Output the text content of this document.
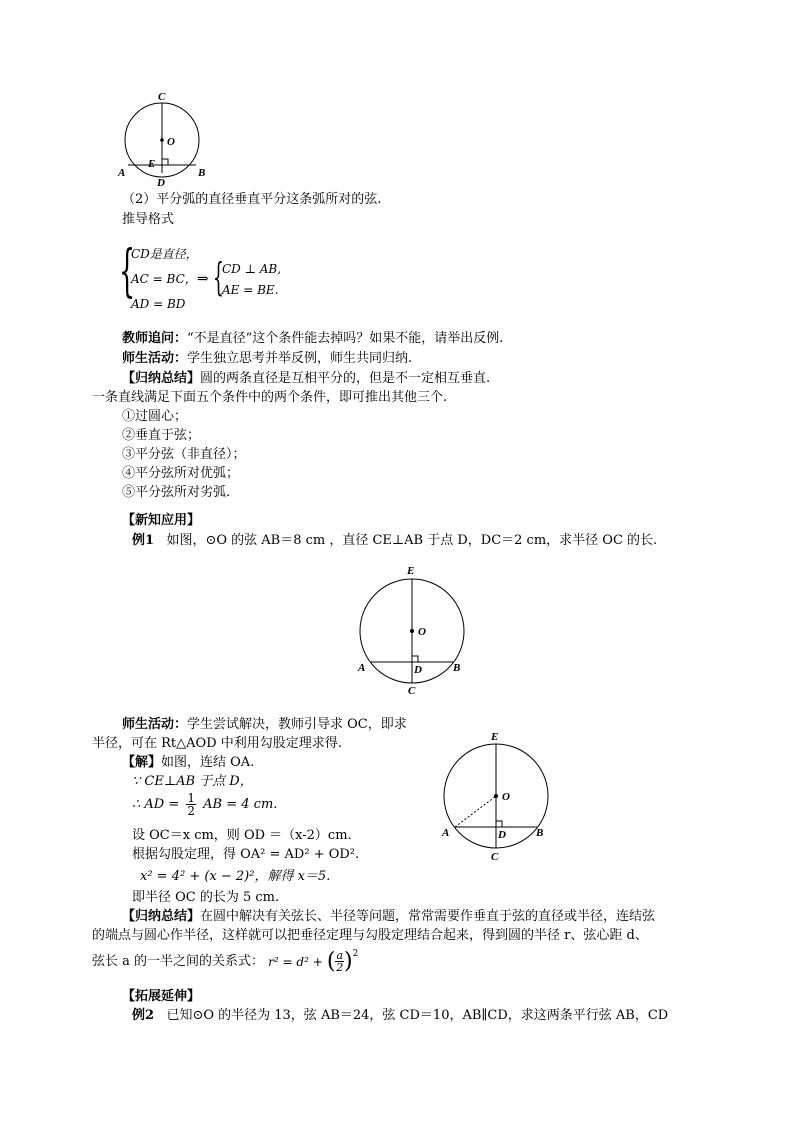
C
O
E
A
D
B
（2）平分弧的直径垂直平分这条弧所对的弦.
推导格式
{
CD是直径，
AC = BC，
AD = BD
⇒ {
CD ⊥ AB,
AE = BE.
教师追问：“不是直径”这个条件能去掉吗？如果不能，请举出反例.
师生活动：学生独立思考并举反例，师生共同归纳.
【归纳总结】圆的两条直径是互相平分的，但是不一定相互垂直.
一条直线满足下面五个条件中的两个条件，即可推出其他三个.
①过圆心；
②垂直于弦；
③平分弦（非直径）；
④平分弦所对优弧；
⑤平分弦所对劣弧.
【新知应用】
例1 如图，⊙O 的弦 AB＝8 cm ，直径 CE⊥AB 于点 D，DC＝2 cm，求半径 OC 的长.
E
O
A	D	B
C
师生活动：学生尝试解决，教师引导求 OC，即求
半径，可在 Rt△AOD 中利用勾股定理求得.
【解】如图，连结 OA.
∵ CE⊥AB 于点 D，
∴ AD = $\frac{1}{2}$ AB = 4 cm.
设 OC＝x cm，则 OD ＝（x-2）cm.
根据勾股定理，得 OA² = AD² + OD².
x² = 4² + (x − 2)²，解得 x＝5.
即半径 OC 的长为 5 cm.
E
O
A	D	B
C
【归纳总结】在圆中解决有关弦长、半径等问题，常常需要作垂直于弦的直径或半径，连结弦
的端点与圆心作半径，这样就可以把垂径定理与勾股定理结合起来，得到圆的半径 r、弦心距 d、
弦长 a 的一半之间的关系式： r² = d² + ( $\frac{a}{2} )^2$
【拓展延伸】
例2 已知⊙O 的半径为 13，弦 AB＝24，弦 CD＝10，AB∥CD，求这两条平行弦 AB，CD
